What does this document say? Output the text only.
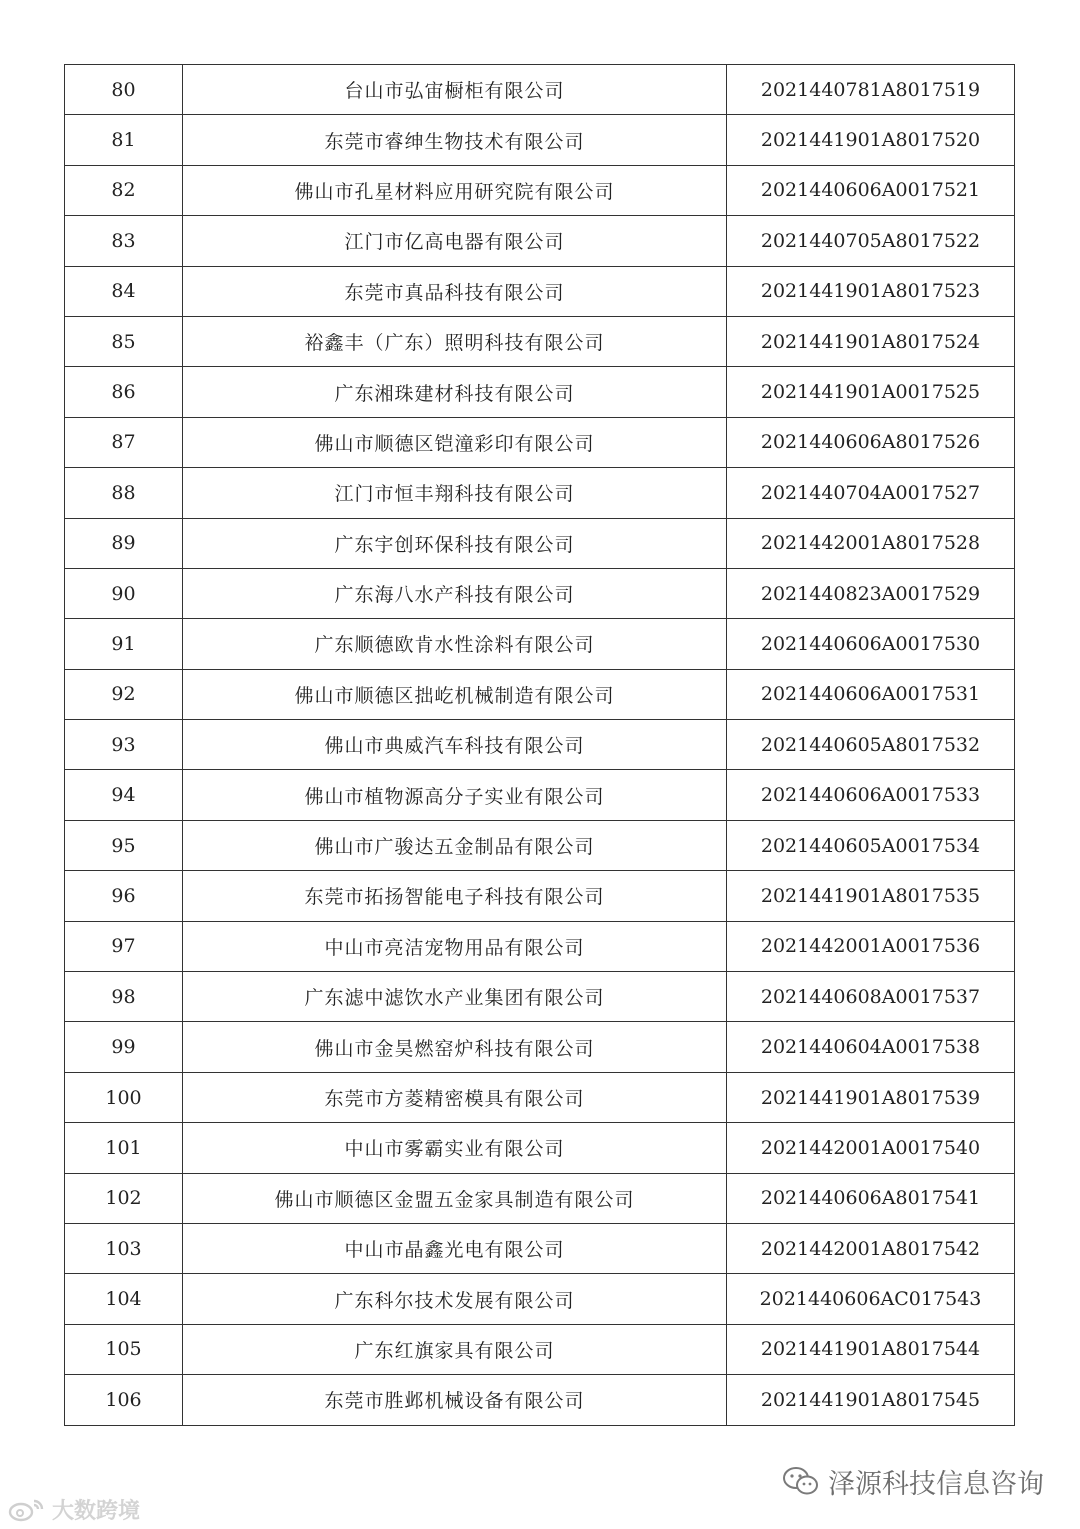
80	台山市弘宙橱柜有限公司	2021440781A8017519
81	东莞市睿绅生物技术有限公司	2021441901A8017520
82	佛山市孔星材料应用研究院有限公司	2021440606A0017521
83	江门市亿高电器有限公司	2021440705A8017522
84	东莞市真品科技有限公司	2021441901A8017523
85	裕鑫丰（广东）照明科技有限公司	2021441901A8017524
86	广东湘珠建材科技有限公司	2021441901A0017525
87	佛山市顺德区铠潼彩印有限公司	2021440606A8017526
88	江门市恒丰翔科技有限公司	2021440704A0017527
89	广东宇创环保科技有限公司	2021442001A8017528
90	广东海八水产科技有限公司	2021440823A0017529
91	广东顺德欧肯水性涂料有限公司	2021440606A0017530
92	佛山市顺德区拙屹机械制造有限公司	2021440606A0017531
93	佛山市典威汽车科技有限公司	2021440605A8017532
94	佛山市植物源高分子实业有限公司	2021440606A0017533
95	佛山市广骏达五金制品有限公司	2021440605A0017534
96	东莞市拓扬智能电子科技有限公司	2021441901A8017535
97	中山市亮洁宠物用品有限公司	2021442001A0017536
98	广东滤中滤饮水产业集团有限公司	2021440608A0017537
99	佛山市金昊燃窑炉科技有限公司	2021440604A0017538
100	东莞市方菱精密模具有限公司	2021441901A8017539
101	中山市雾霸实业有限公司	2021442001A0017540
102	佛山市顺德区金盟五金家具制造有限公司	2021440606A8017541
103	中山市晶鑫光电有限公司	2021442001A8017542
104	广东科尔技术发展有限公司	2021440606AC017543
105	广东红旗家具有限公司	2021441901A8017544
106	东莞市胜邺机械设备有限公司	2021441901A8017545
泽源科技信息咨询
大数跨境
